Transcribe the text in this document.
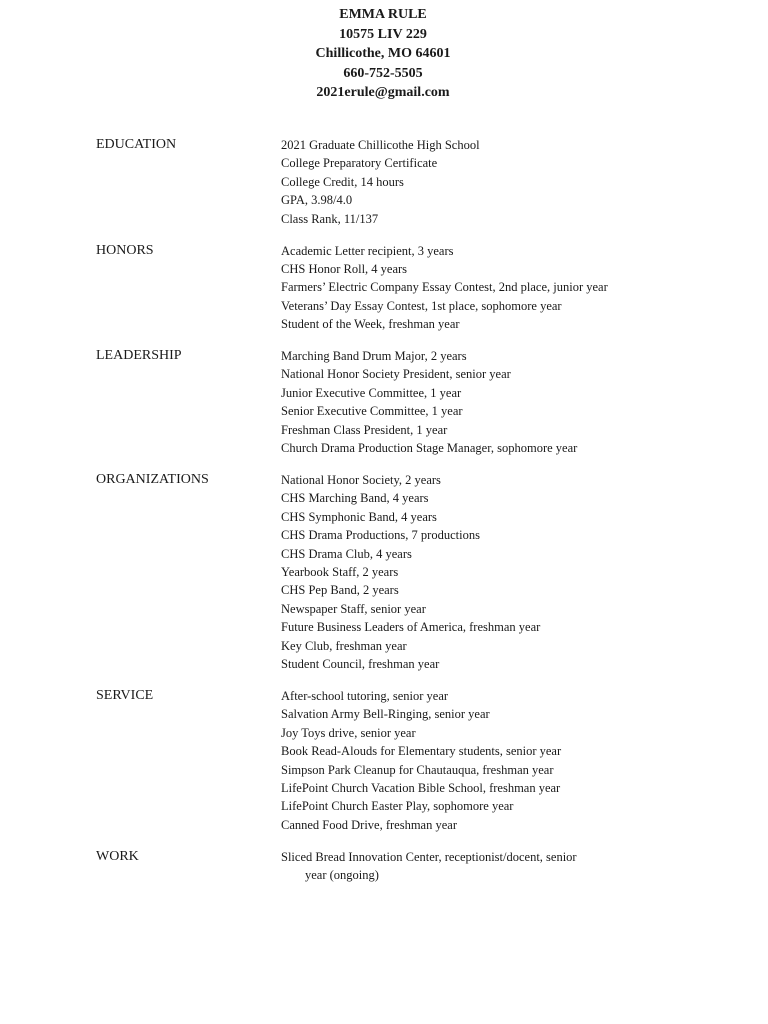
EMMA RULE
10575 LIV 229
Chillicothe, MO 64601
660-752-5505
2021erule@gmail.com
EDUCATION	2021 Graduate Chillicothe High School
College Preparatory Certificate
College Credit, 14 hours
GPA, 3.98/4.0
Class Rank, 11/137
HONORS	Academic Letter recipient, 3 years
CHS Honor Roll, 4 years
Farmers’ Electric Company Essay Contest, 2nd place, junior year
Veterans’ Day Essay Contest, 1st place, sophomore year
Student of the Week, freshman year
LEADERSHIP	Marching Band Drum Major, 2 years
National Honor Society President, senior year
Junior Executive Committee, 1 year
Senior Executive Committee, 1 year
Freshman Class President, 1 year
Church Drama Production Stage Manager, sophomore year
ORGANIZATIONS	National Honor Society, 2 years
CHS Marching Band, 4 years
CHS Symphonic Band, 4 years
CHS Drama Productions, 7 productions
CHS Drama Club, 4 years
Yearbook Staff, 2 years
CHS Pep Band, 2 years
Newspaper Staff, senior year
Future Business Leaders of America, freshman year
Key Club, freshman year
Student Council, freshman year
SERVICE	After-school tutoring, senior year
Salvation Army Bell-Ringing, senior year
Joy Toys drive, senior year
Book Read-Alouds for Elementary students, senior year
Simpson Park Cleanup for Chautauqua, freshman year
LifePoint Church Vacation Bible School, freshman year
LifePoint Church Easter Play, sophomore year
Canned Food Drive, freshman year
WORK	Sliced Bread Innovation Center, receptionist/docent, senior
year (ongoing)
